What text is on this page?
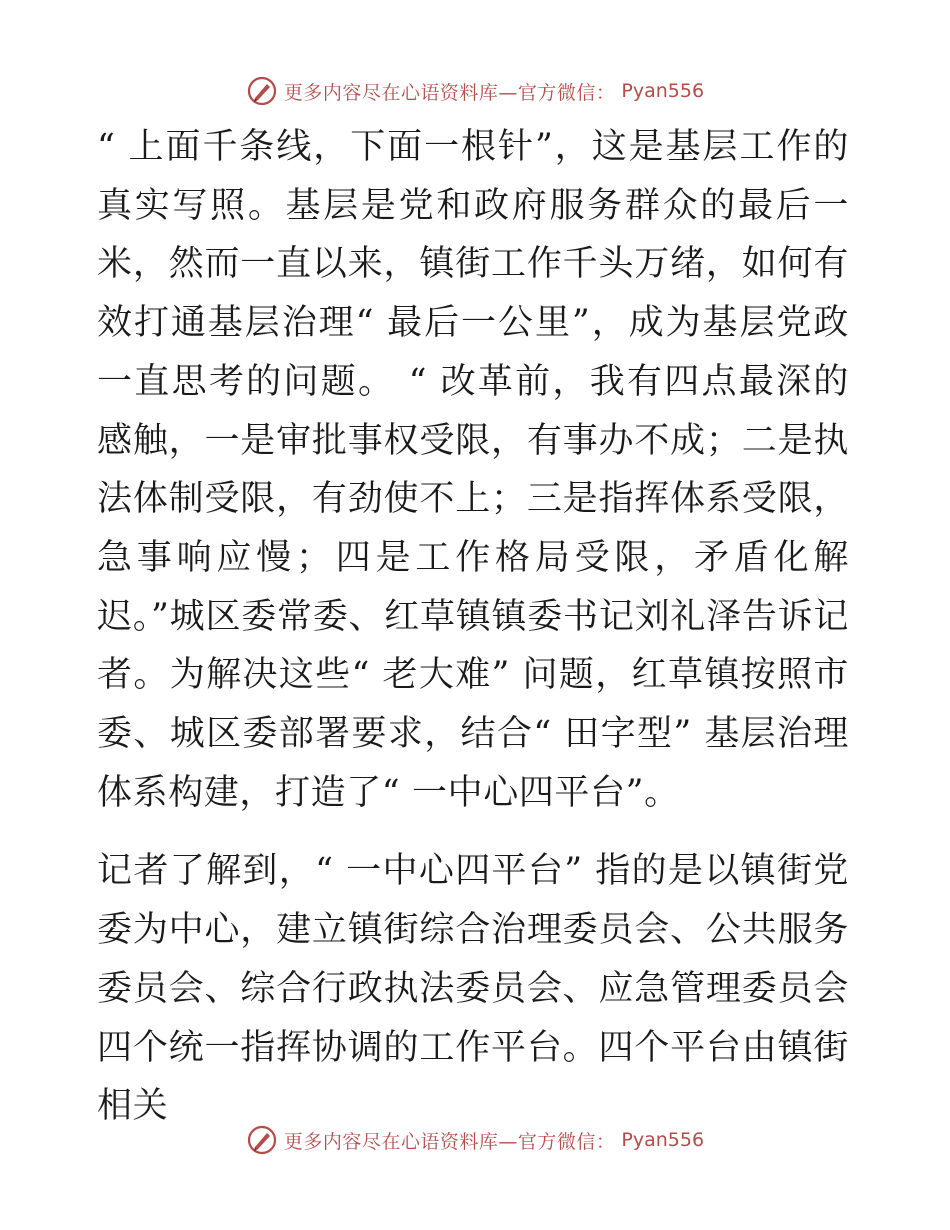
更多内容尽在心语资料库—官方微信： Pyan556

“ 上面千条线，下面一根针”，这是基层工作的真实写照。基层是党和政府服务群众的最后一米，然而一直以来，镇街工作千头万绪，如何有效打通基层治理“ 最后一公里”，成为基层党政一直思考的问题。 “ 改革前，我有四点最深的感触，一是审批事权受限，有事办不成；二是执法体制受限，有劲使不上；三是指挥体系受限，急事响应慢；四是工作格局受限，矛盾化解迟。”城区委常委、红草镇镇委书记刘礼泽告诉记者。为解决这些“ 老大难” 问题，红草镇按照市委、城区委部署要求，结合“ 田字型” 基层治理体系构建，打造了“ 一中心四平台”。

记者了解到，“ 一中心四平台” 指的是以镇街党委为中心，建立镇街综合治理委员会、公共服务委员会、综合行政执法委员会、应急管理委员会四个统一指挥协调的工作平台。四个平台由镇街相关

更多内容尽在心语资料库—官方微信： Pyan556
